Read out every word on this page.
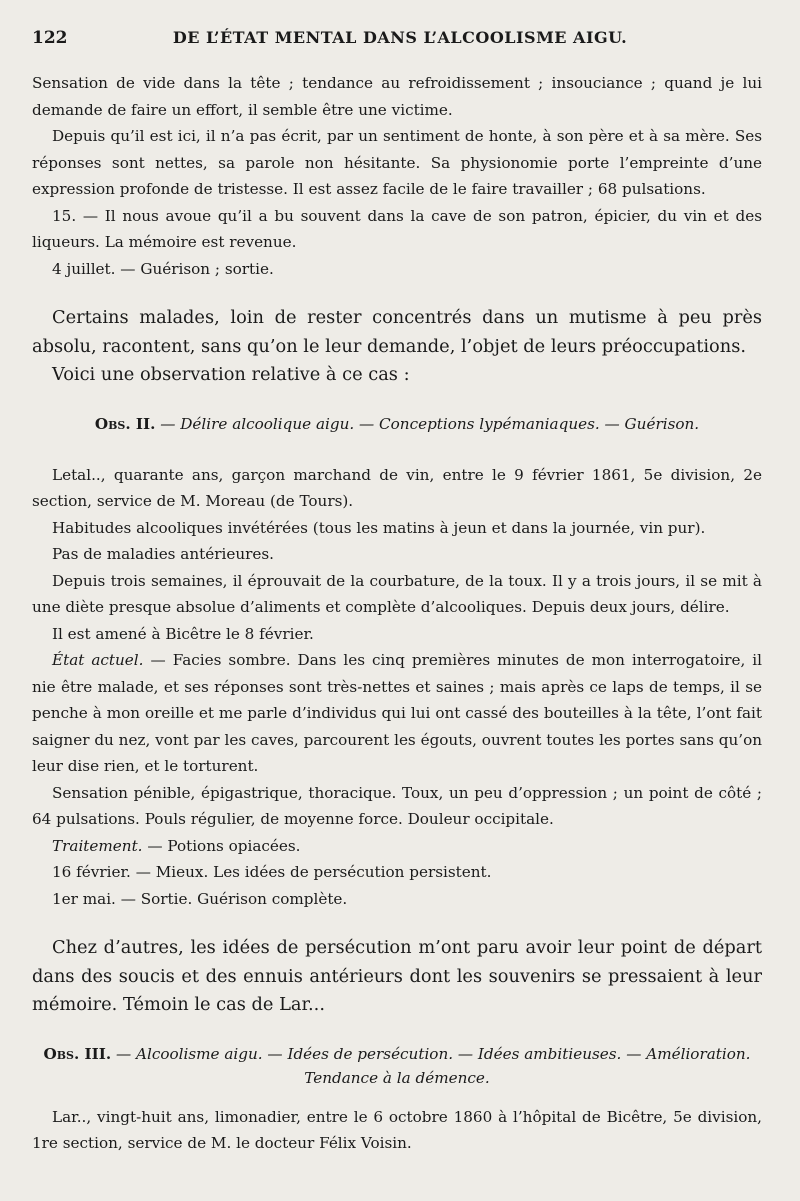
122	DE L’ÉTAT MENTAL DANS L’ALCOOLISME AIGU.

Sensation de vide dans la tête ; tendance au refroidissement ; insouciance ; quand je lui demande de faire un effort, il semble être une victime.

Depuis qu’il est ici, il n’a pas écrit, par un sentiment de honte, à son père et à sa mère. Ses réponses sont nettes, sa parole non hésitante. Sa physionomie porte l’empreinte d’une expression profonde de tristesse. Il est assez facile de le faire travailler ; 68 pulsations.

15. — Il nous avoue qu’il a bu souvent dans la cave de son patron, épicier, du vin et des liqueurs. La mémoire est revenue.

4 juillet. — Guérison ; sortie.

Certains malades, loin de rester concentrés dans un mutisme à peu près absolu, racontent, sans qu’on le leur demande, l’objet de leurs préoccupations.

Voici une observation relative à ce cas :

Obs. II. — Délire alcoolique aigu. — Conceptions lypémaniaques. — Guérison.

Letal.., quarante ans, garçon marchand de vin, entre le 9 février 1861, 5e division, 2e section, service de M. Moreau (de Tours).

Habitudes alcooliques invétérées (tous les matins à jeun et dans la journée, vin pur).

Pas de maladies antérieures.

Depuis trois semaines, il éprouvait de la courbature, de la toux. Il y a trois jours, il se mit à une diète presque absolue d’aliments et complète d’alcooliques. Depuis deux jours, délire.

Il est amené à Bicêtre le 8 février.

État actuel. — Facies sombre. Dans les cinq premières minutes de mon interrogatoire, il nie être malade, et ses réponses sont très-nettes et saines ; mais après ce laps de temps, il se penche à mon oreille et me parle d’individus qui lui ont cassé des bouteilles à la tête, l’ont fait saigner du nez, vont par les caves, parcourent les égouts, ouvrent toutes les portes sans qu’on leur dise rien, et le torturent.

Sensation pénible, épigastrique, thoracique. Toux, un peu d’oppression ; un point de côté ; 64 pulsations. Pouls régulier, de moyenne force. Douleur occipitale.

Traitement. — Potions opiacées.

16 février. — Mieux. Les idées de persécution persistent.

1er mai. — Sortie. Guérison complète.

Chez d’autres, les idées de persécution m’ont paru avoir leur point de départ dans des soucis et des ennuis antérieurs dont les souvenirs se pressaient à leur mémoire. Témoin le cas de Lar...

Obs. III. — Alcoolisme aigu. — Idées de persécution. — Idées ambitieuses. — Amélioration.
Tendance à la démence.

Lar.., vingt-huit ans, limonadier, entre le 6 octobre 1860 à l’hôpital de Bicêtre, 5e division, 1re section, service de M. le docteur Félix Voisin.
